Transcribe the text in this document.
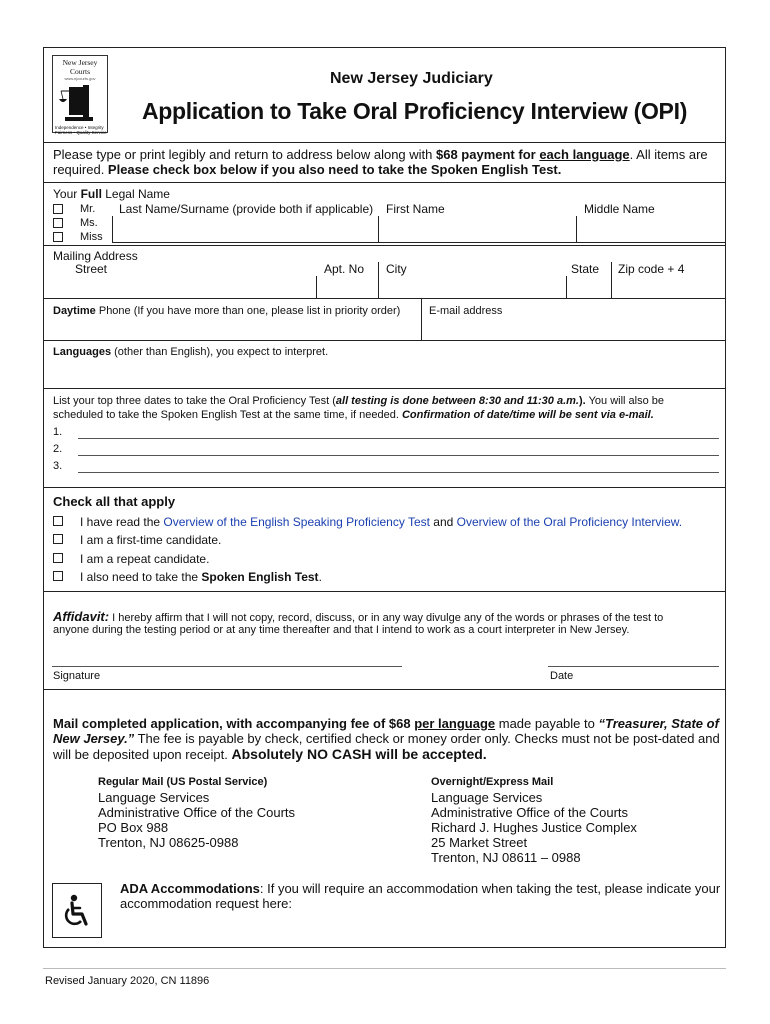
New Jersey Courts
www.njcourts.gov
Independence • Integrity
Fairness • Quality Service
New Jersey Judiciary
Application to Take Oral Proficiency Interview (OPI)
Please type or print legibly and return to address below along with $68 payment for each language. All items are
required. Please check box below if you also need to take the Spoken English Test.
Your Full Legal Name
Mr.
Ms.
Miss
Last Name/Surname (provide both if applicable) First Name	Middle Name
Mailing Address
Street	Apt. No City	State Zip code + 4
Daytime Phone (If you have more than one, please list in priority order)	E-mail address
Languages (other than English), you expect to interpret.
List your top three dates to take the Oral Proficiency Test (all testing is done between 8:30 and 11:30 a.m.). You will also be
scheduled to take the Spoken English Test at the same time, if needed. Confirmation of date/time will be sent via e-mail.
1.
2.
3.
Check all that apply
I have read the Overview of the English Speaking Proficiency Test and Overview of the Oral Proficiency Interview.
I am a first-time candidate.
I am a repeat candidate.
I also need to take the Spoken English Test.
Affidavit: I hereby affirm that I will not copy, record, discuss, or in any way divulge any of the words or phrases of the test to
anyone during the testing period or at any time thereafter and that I intend to work as a court interpreter in New Jersey.
Signature	Date
Mail completed application, with accompanying fee of $68 per language made payable to “Treasurer, State of
New Jersey.” The fee is payable by check, certified check or money order only. Checks must not be post-dated and
will be deposited upon receipt. Absolutely NO CASH will be accepted.
Regular Mail (US Postal Service)
Language Services
Administrative Office of the Courts
PO Box 988
Trenton, NJ 08625-0988
Overnight/Express Mail
Language Services
Administrative Office of the Courts
Richard J. Hughes Justice Complex
25 Market Street
Trenton, NJ 08611 – 0988
ADA Accommodations: If you will require an accommodation when taking the test, please indicate your
accommodation request here:
Revised January 2020, CN 11896
